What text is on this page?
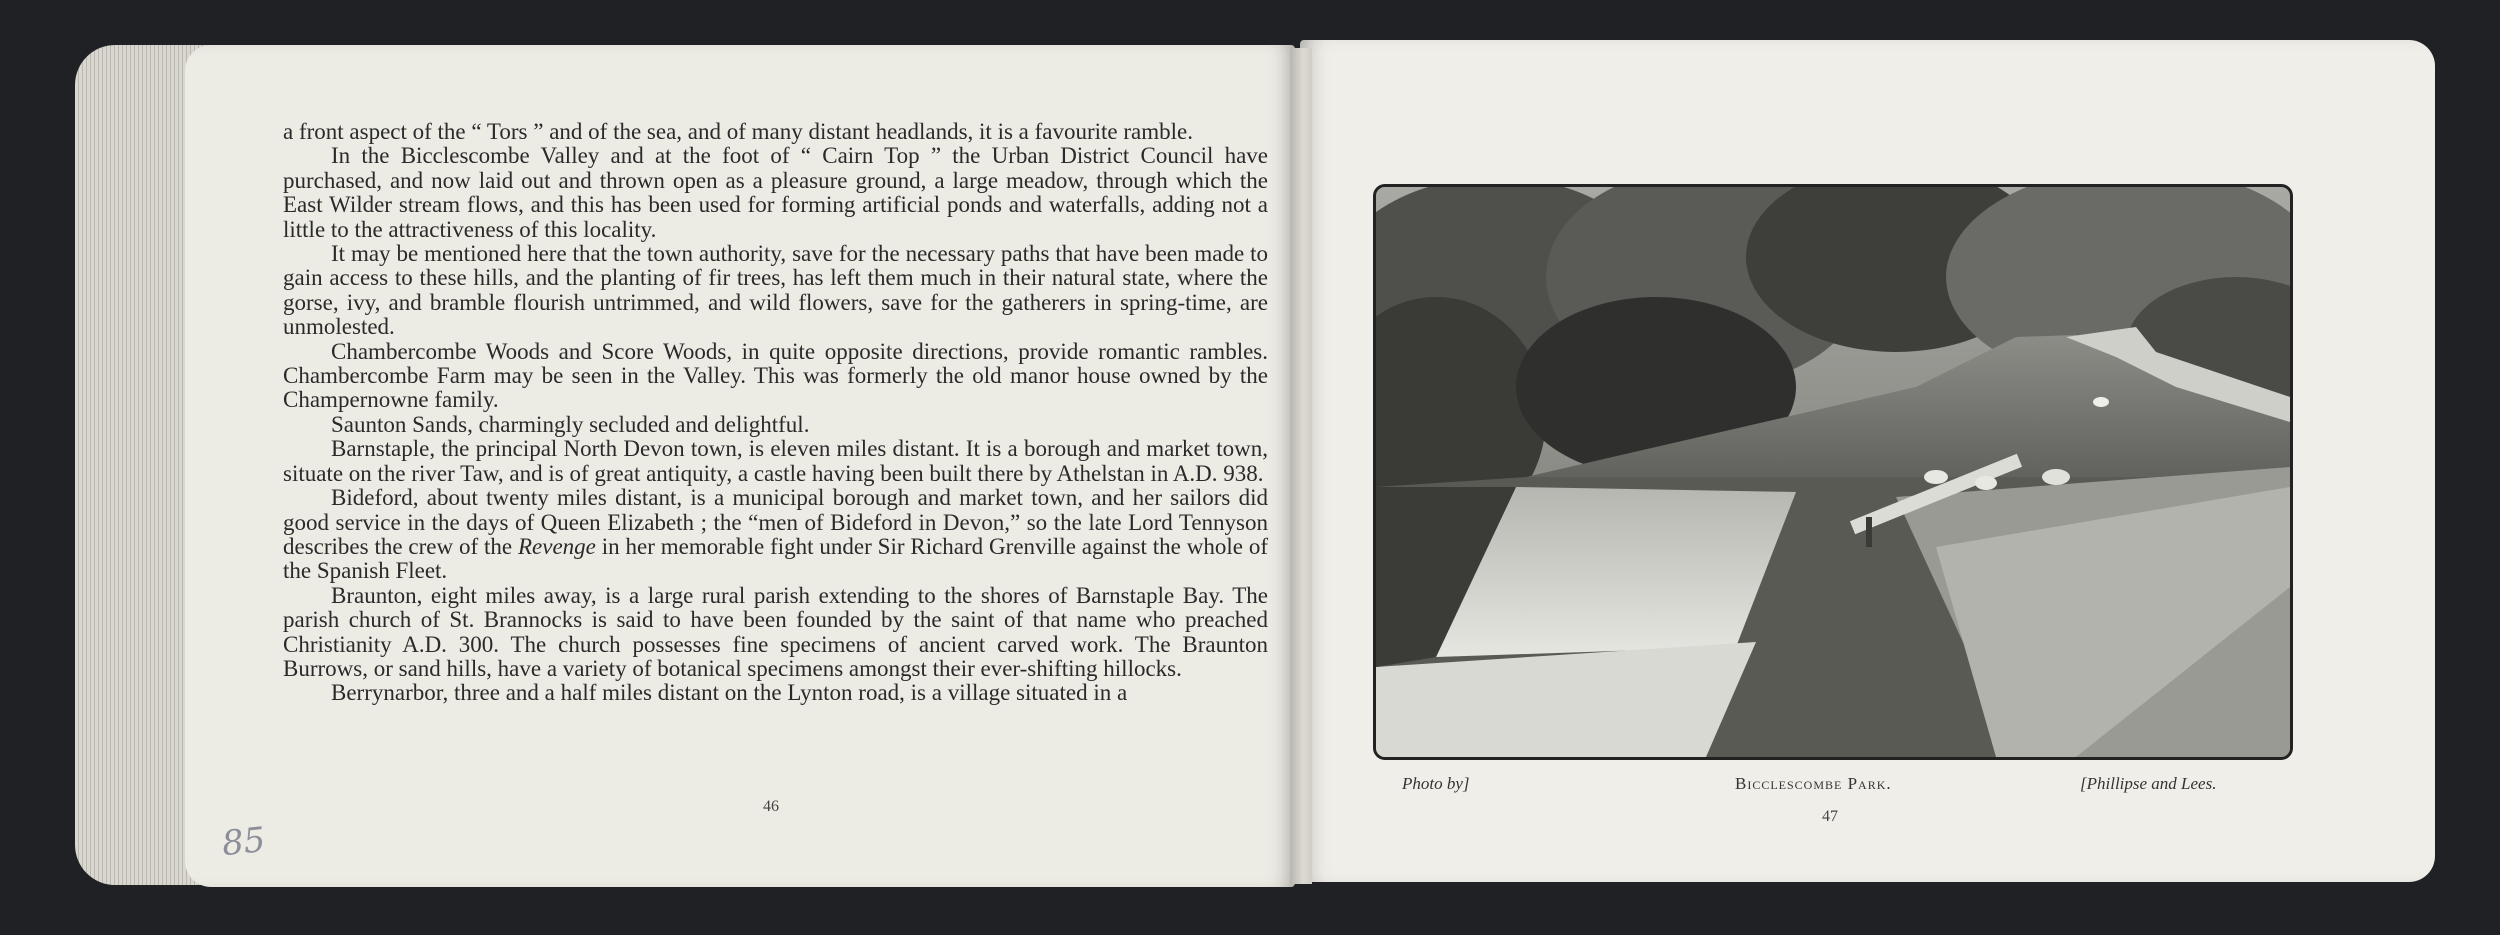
a front aspect of the “ Tors ” and of the sea, and of many distant headlands, it is a favourite ramble.

In the Bicclescombe Valley and at the foot of “ Cairn Top ” the Urban District Council have purchased, and now laid out and thrown open as a pleasure ground, a large meadow, through which the East Wilder stream flows, and this has been used for forming artificial ponds and waterfalls, adding not a little to the attractiveness of this locality.

It may be mentioned here that the town authority, save for the necessary paths that have been made to gain access to these hills, and the planting of fir trees, has left them much in their natural state, where the gorse, ivy, and bramble flourish untrimmed, and wild flowers, save for the gatherers in spring-time, are unmolested.

Chambercombe Woods and Score Woods, in quite opposite directions, provide romantic rambles. Chambercombe Farm may be seen in the Valley. This was formerly the old manor house owned by the Champernowne family.

Saunton Sands, charmingly secluded and delightful.

Barnstaple, the principal North Devon town, is eleven miles distant. It is a borough and market town, situate on the river Taw, and is of great antiquity, a castle having been built there by Athelstan in A.D. 938.

Bideford, about twenty miles distant, is a municipal borough and market town, and her sailors did good service in the days of Queen Elizabeth ; the “men of Bideford in Devon,” so the late Lord Tennyson describes the crew of the Revenge in her memorable fight under Sir Richard Grenville against the whole of the Spanish Fleet.

Braunton, eight miles away, is a large rural parish extending to the shores of Barnstaple Bay. The parish church of St. Brannocks is said to have been founded by the saint of that name who preached Christianity A.D. 300. The church possesses fine specimens of ancient carved work. The Braunton Burrows, or sand hills, have a variety of botanical specimens amongst their ever-shifting hillocks.

Berrynarbor, three and a half miles distant on the Lynton road, is a village situated in a

46
85
Photo by]	Bicclescombe Park.	[Phillipse and Lees.
47
